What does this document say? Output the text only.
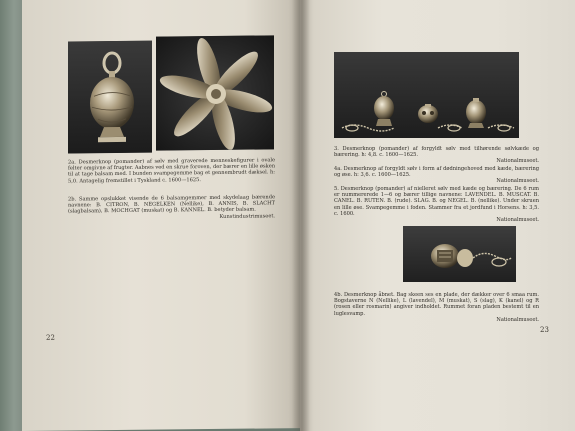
2a. Desmerknop (pomander) af sølv med graverede menneskefigurer i ovale felter omgivne af frugter. Aabnes ved en skrue foroven, der bærer en lille øsken til at tage balsam med. I bunden svampegemme bag et gennembrudt dæksel. h: 5,0. Antagelig fremstillet i Tyskland c. 1600—1625.
2b. Samme opslukket visende de 6 balsamgemmer med skydelaag bærende navnene: B. CITRON, B. NEGELKEN (Nellike), B. ANNIS, B. SLACHT (slagbalsam), B. MOCHGAT (muskat) og B. KANNEL. B. betyder balsam.
Kunstindustrimuseet.
22
3. Desmerknop (pomander) af forgyldt sølv med tilhørende sølvkæde og bærering. h: 4,8. c. 1600—1625.
Nationalmuseet.
4a. Desmerknop af forgyldt sølv i form af dødningehoved med kæde, bærering og øse. h: 3,6. c. 1600—1625.
Nationalmuseet.
5. Desmerknop (pomander) af nielleret sølv med kæde og bærering. De 6 rum er nummererede 1—6 og bærer tillige navnene: LAVENDEL. B. MUSCAT. B. CANEL. B. RUTEN. B. (rude). SLAG. B. og NEGEL. B. (nellike). Under skruen en lille øse. Svampegemme i foden. Stammer fra et jordfund i Horsens. h: 3,5. c. 1600.
Nationalmuseet.
4b. Desmerknop åbnet. Bag skeen ses en plade, der dækker over 6 smaa rum. Bogstaverne N (Nellike), L (lavendel), M (muskat), S (slag), K (kanel) og R (rosen eller rosmarin) angiver indholdet. Rummet foran pladen bestemt til en luglesvamp.
Nationalmuseet.
23
